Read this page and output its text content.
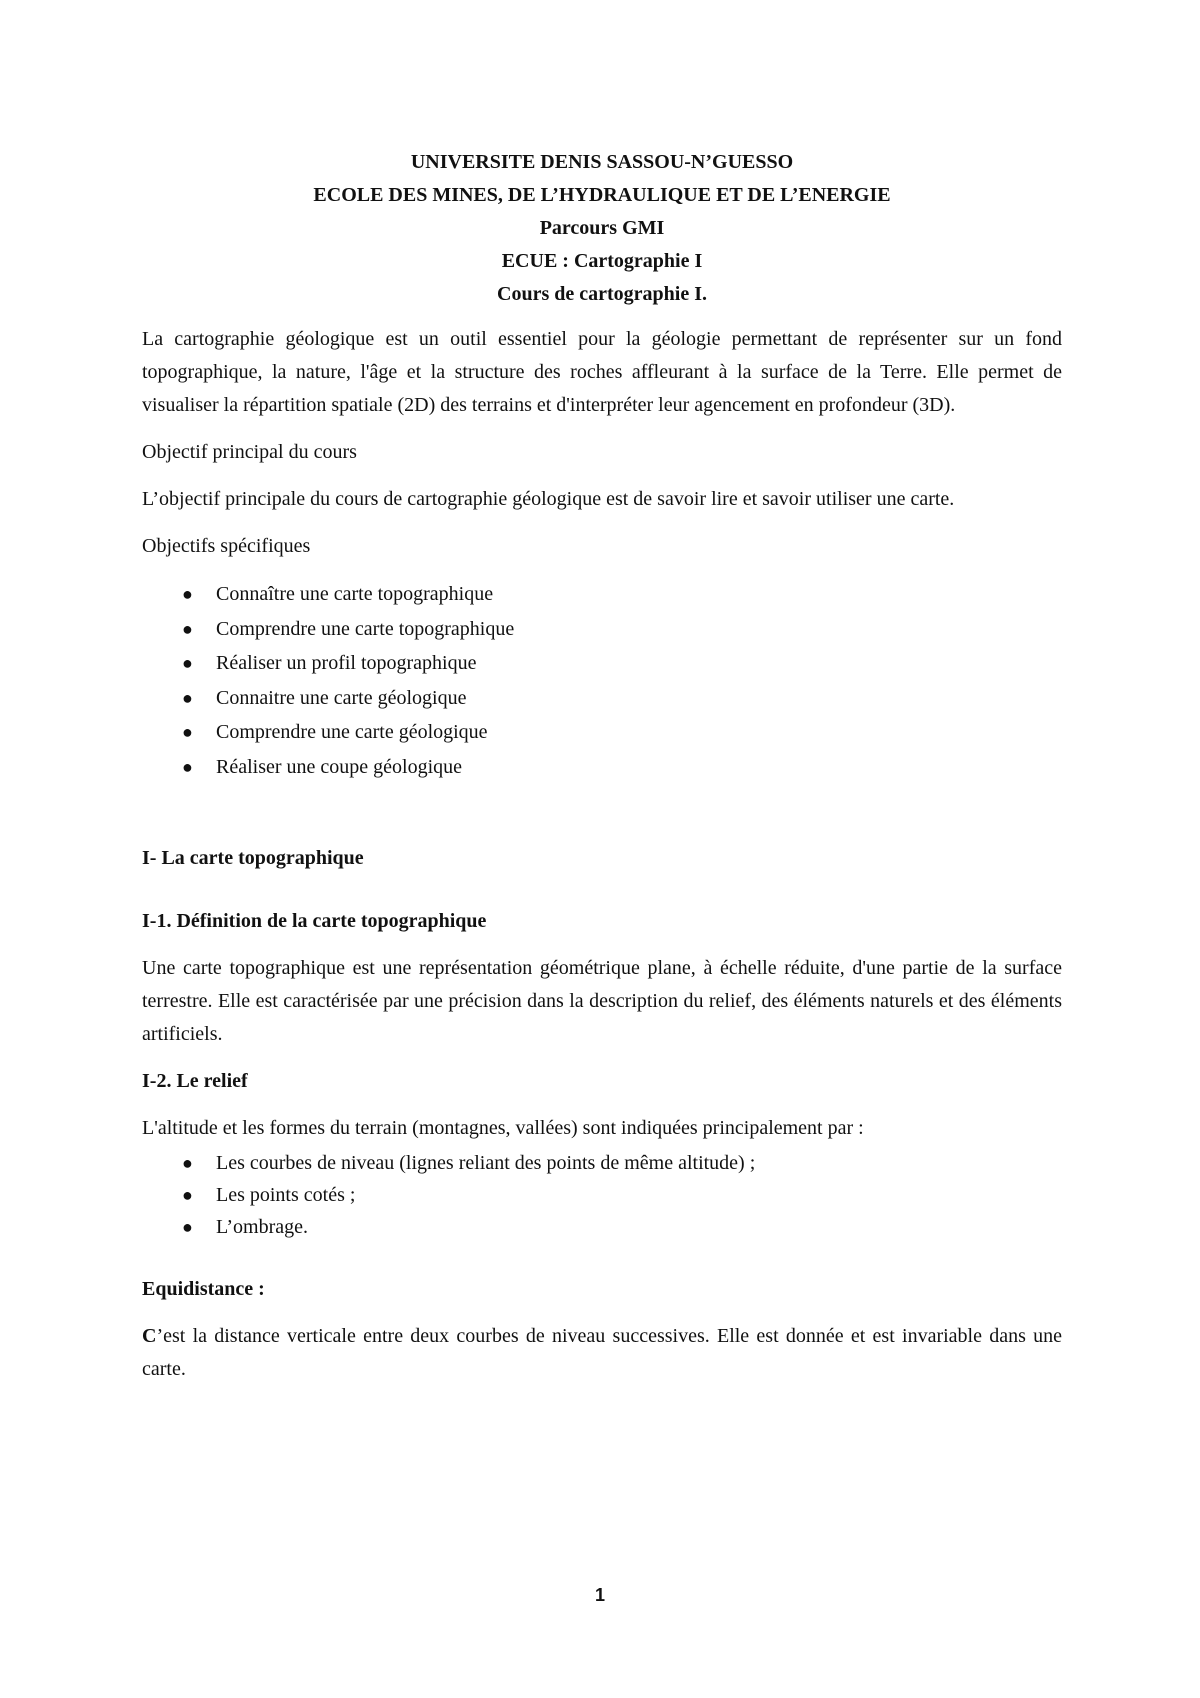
UNIVERSITE DENIS SASSOU-N’GUESSO
ECOLE DES MINES, DE L’HYDRAULIQUE ET DE L’ENERGIE
Parcours GMI
ECUE : Cartographie I
Cours de cartographie I.

La cartographie géologique est un outil essentiel pour la géologie permettant de représenter sur un fond topographique, la nature, l'âge et la structure des roches affleurant à la surface de la Terre. Elle permet de visualiser la répartition spatiale (2D) des terrains et d'interpréter leur agencement en profondeur (3D).

Objectif principal du cours

L’objectif principale du cours de cartographie géologique est de savoir lire et savoir utiliser une carte.

Objectifs spécifiques

● Connaître une carte topographique
● Comprendre une carte topographique
● Réaliser un profil topographique
● Connaitre une carte géologique
● Comprendre une carte géologique
● Réaliser une coupe géologique
I- La carte topographique
I-1. Définition de la carte topographique

Une carte topographique est une représentation géométrique plane, à échelle réduite, d'une partie de la surface terrestre. Elle est caractérisée par une précision dans la description du relief, des éléments naturels et des éléments artificiels.

I-2. Le relief

L'altitude et les formes du terrain (montagnes, vallées) sont indiquées principalement par :

● Les courbes de niveau (lignes reliant des points de même altitude) ;
● Les points cotés ;
● L’ombrage.
Equidistance :

C’est la distance verticale entre deux courbes de niveau successives. Elle est donnée et est invariable dans une carte.

1
